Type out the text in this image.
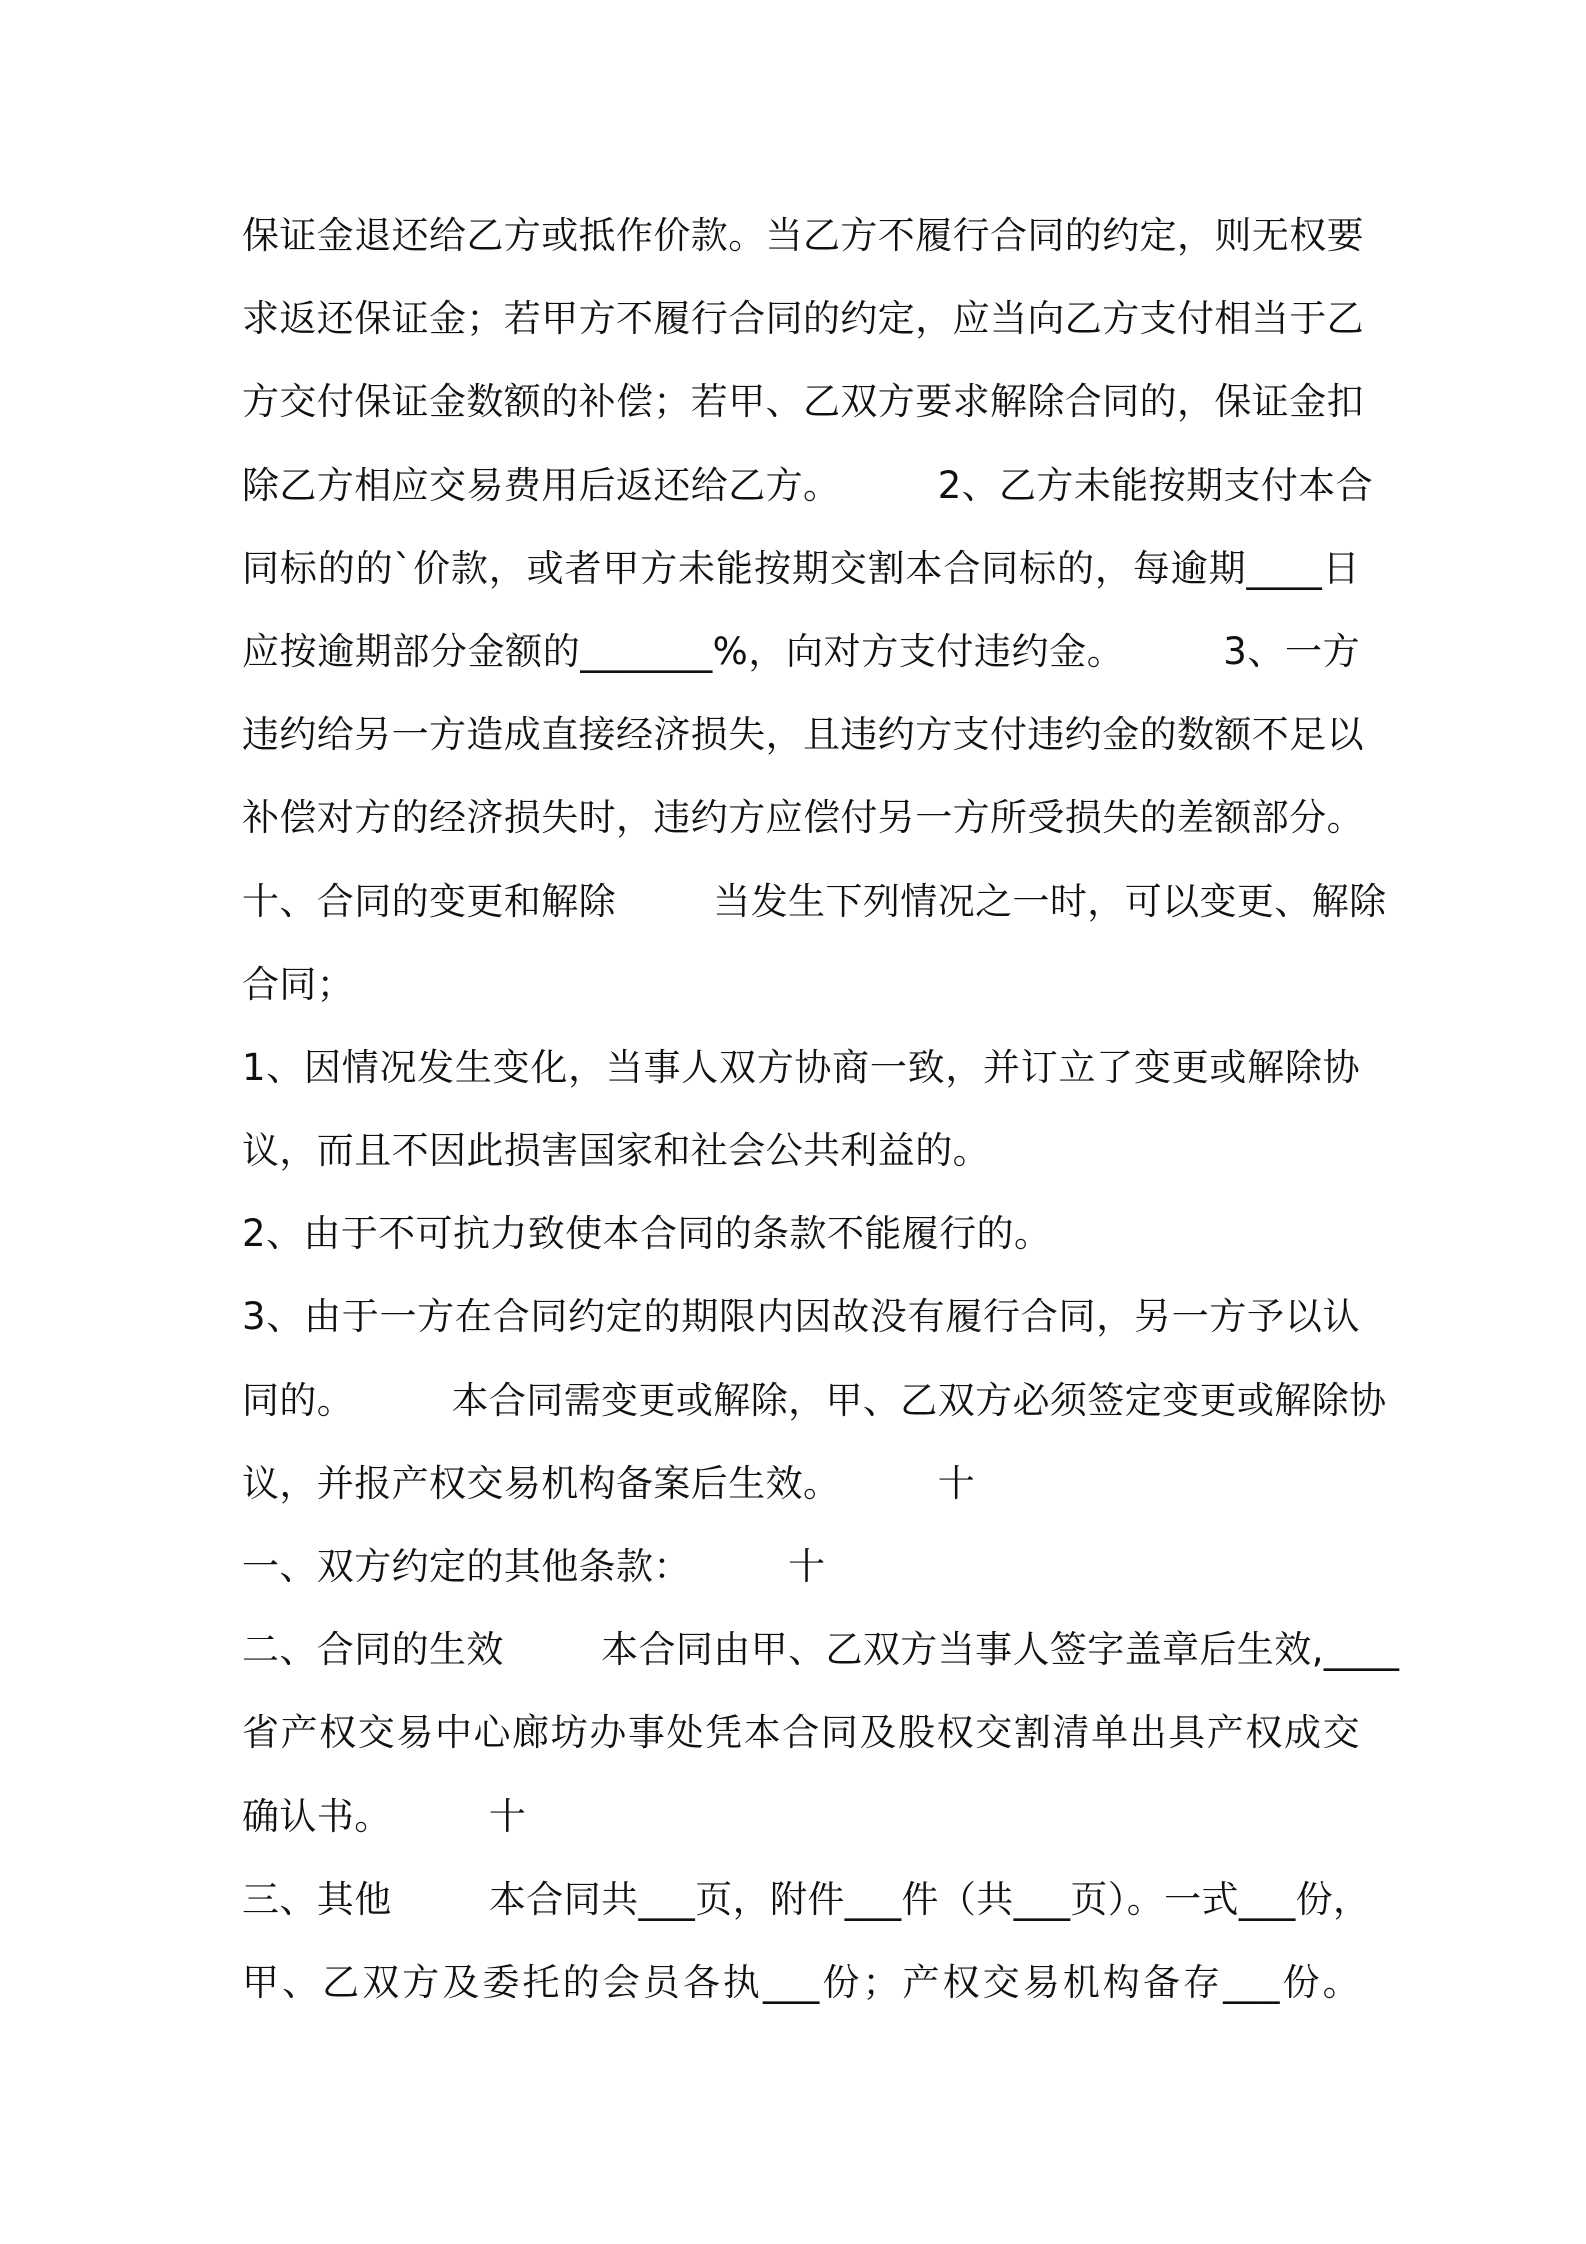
保证金退还给乙方或抵作价款。当乙方不履行合同的约定，则无权要
求返还保证金；若甲方不履行合同的约定，应当向乙方支付相当于乙
方交付保证金数额的补偿；若甲、乙双方要求解除合同的，保证金扣
除乙方相应交易费用后返还给乙方。        2、乙方未能按期支付本合
同标的的`价款，或者甲方未能按期交割本合同标的，每逾期____日
应按逾期部分金额的_______%，向对方支付违约金。        3、一方
违约给另一方造成直接经济损失，且违约方支付违约金的数额不足以
补偿对方的经济损失时，违约方应偿付另一方所受损失的差额部分。
十、合同的变更和解除        当发生下列情况之一时，可以变更、解除
合同；
1、因情况发生变化，当事人双方协商一致，并订立了变更或解除协
议，而且不因此损害国家和社会公共利益的。
2、由于不可抗力致使本合同的条款不能履行的。
3、由于一方在合同约定的期限内因故没有履行合同，另一方予以认
同的。        本合同需变更或解除，甲、乙双方必须签定变更或解除协
议，并报产权交易机构备案后生效。        十
一、双方约定的其他条款：        十
二、合同的生效        本合同由甲、乙双方当事人签字盖章后生效,____
省产权交易中心廊坊办事处凭本合同及股权交割清单出具产权成交
确认书。        十
三、其他        本合同共___页，附件___件（共___页）。一式___份，
甲、乙双方及委托的会员各执___份；产权交易机构备存___份。
